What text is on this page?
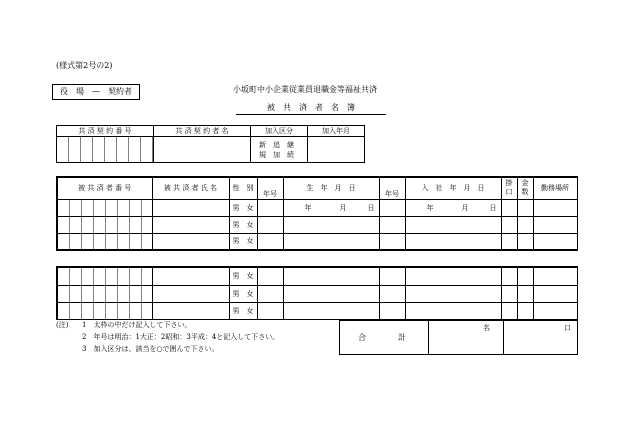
(様式第2号の2)
役　場　―　契約者	小坂町中小企業従業員退職金等福祉共済
被　共　済　者　名　簿
共 済 契 約 番 号	共 済 契 約 者 名	加入区分	加入年月

		新　追　継
規　加　続	

被 共 済 者 番 号	被 共 済 者 氏 名	性　別	年号	生　年　月　日	年号	入　社　年　月　日	掛　口	金　数	勤務場所
		男　 女		　　　年　　　　 月　　　 日		　　　年　　　　 月　　　 日			
		男　 女							
		男　 女							
		男　 女							
		男　 女							
		男　 女							
(注) 1　太枠の中だけ記入して下さい。
2　年号は明治：1大正：2昭和：3平成：4と記入して下さい。
3　加入区分は、該当を○で囲んで下さい。
合　　　　計
名	口
